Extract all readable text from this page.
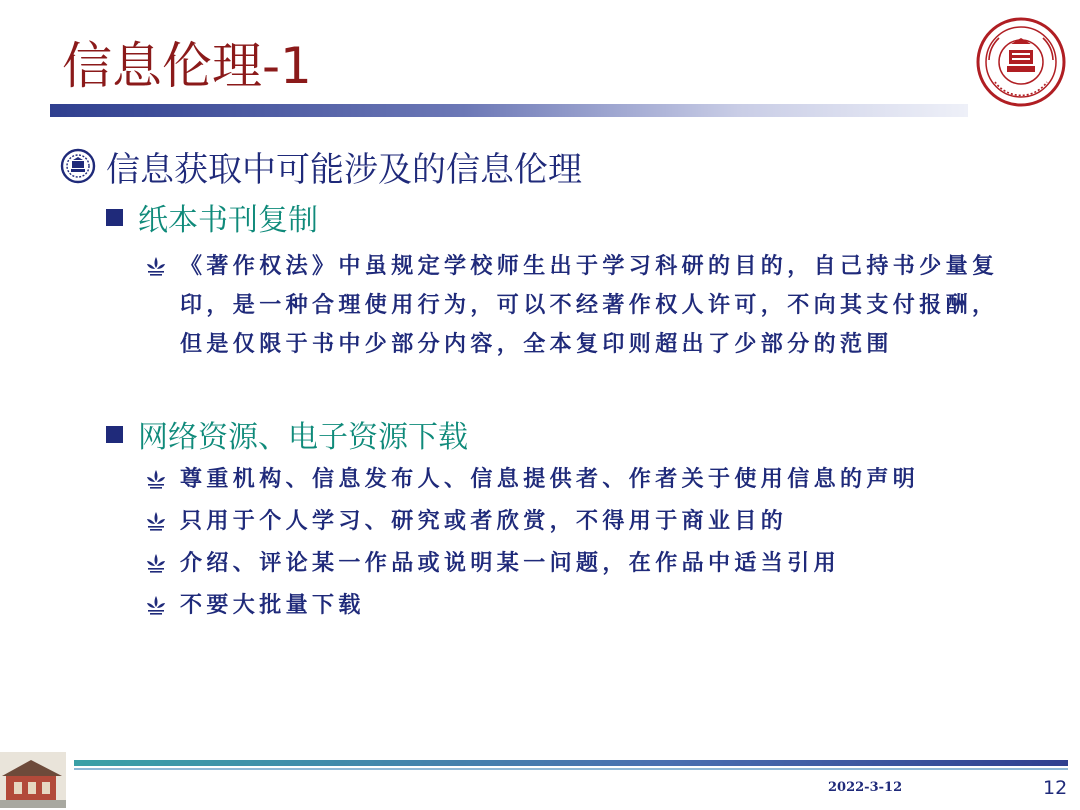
信息伦理-1
信息获取中可能涉及的信息伦理
纸本书刊复制
《著作权法》中虽规定学校师生出于学习科研的目的，自己持书少量复印，是一种合理使用行为，可以不经著作权人许可，不向其支付报酬，但是仅限于书中少部分内容，全本复印则超出了少部分的范围
网络资源、电子资源下载
尊重机构、信息发布人、信息提供者、作者关于使用信息的声明
只用于个人学习、研究或者欣赏，不得用于商业目的
介绍、评论某一作品或说明某一问题，在作品中适当引用
不要大批量下载
2022-3-12	12
